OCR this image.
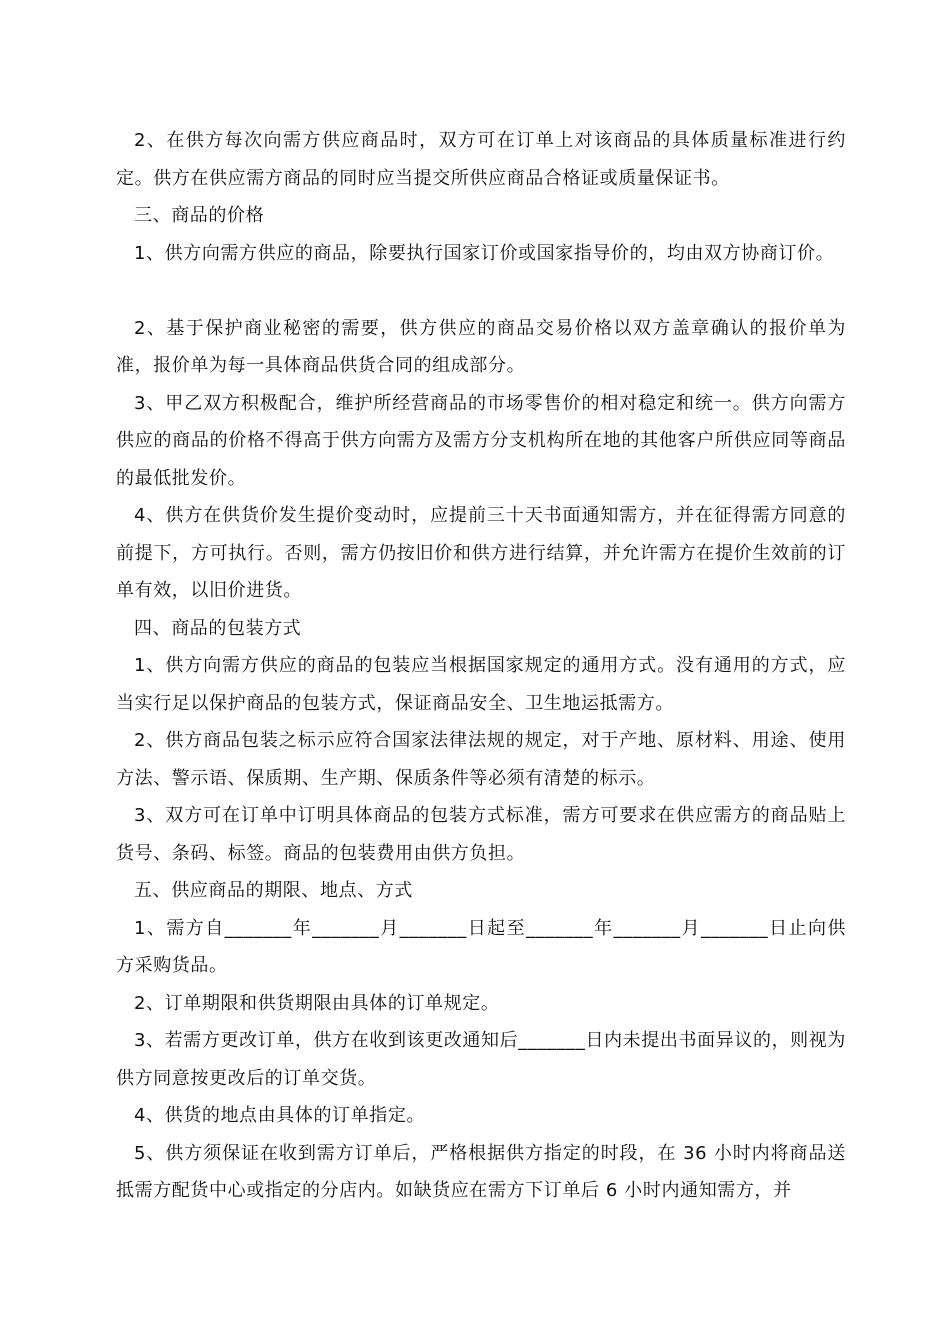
2、在供方每次向需方供应商品时，双方可在订单上对该商品的具体质量标准进行约定。供方在供应需方商品的同时应当提交所供应商品合格证或质量保证书。

三、商品的价格

1、供方向需方供应的商品，除要执行国家订价或国家指导价的，均由双方协商订价。

2、基于保护商业秘密的需要，供方供应的商品交易价格以双方盖章确认的报价单为准，报价单为每一具体商品供货合同的组成部分。

3、甲乙双方积极配合，维护所经营商品的市场零售价的相对稳定和统一。供方向需方供应的商品的价格不得高于供方向需方及需方分支机构所在地的其他客户所供应同等商品的最低批发价。

4、供方在供货价发生提价变动时，应提前三十天书面通知需方，并在征得需方同意的前提下，方可执行。否则，需方仍按旧价和供方进行结算，并允许需方在提价生效前的订单有效，以旧价进货。

四、商品的包装方式

1、供方向需方供应的商品的包装应当根据国家规定的通用方式。没有通用的方式，应当实行足以保护商品的包装方式，保证商品安全、卫生地运抵需方。

2、供方商品包装之标示应符合国家法律法规的规定，对于产地、原材料、用途、使用方法、警示语、保质期、生产期、保质条件等必须有清楚的标示。

3、双方可在订单中订明具体商品的包装方式标准，需方可要求在供应需方的商品贴上货号、条码、标签。商品的包装费用由供方负担。

五、供应商品的期限、地点、方式

1、需方自_______年_______月_______日起至_______年_______月_______日止向供方采购货品。

2、订单期限和供货期限由具体的订单规定。

3、若需方更改订单，供方在收到该更改通知后_______日内未提出书面异议的，则视为供方同意按更改后的订单交货。

4、供货的地点由具体的订单指定。

5、供方须保证在收到需方订单后，严格根据供方指定的时段，在 36 小时内将商品送抵需方配货中心或指定的分店内。如缺货应在需方下订单后 6 小时内通知需方，并
